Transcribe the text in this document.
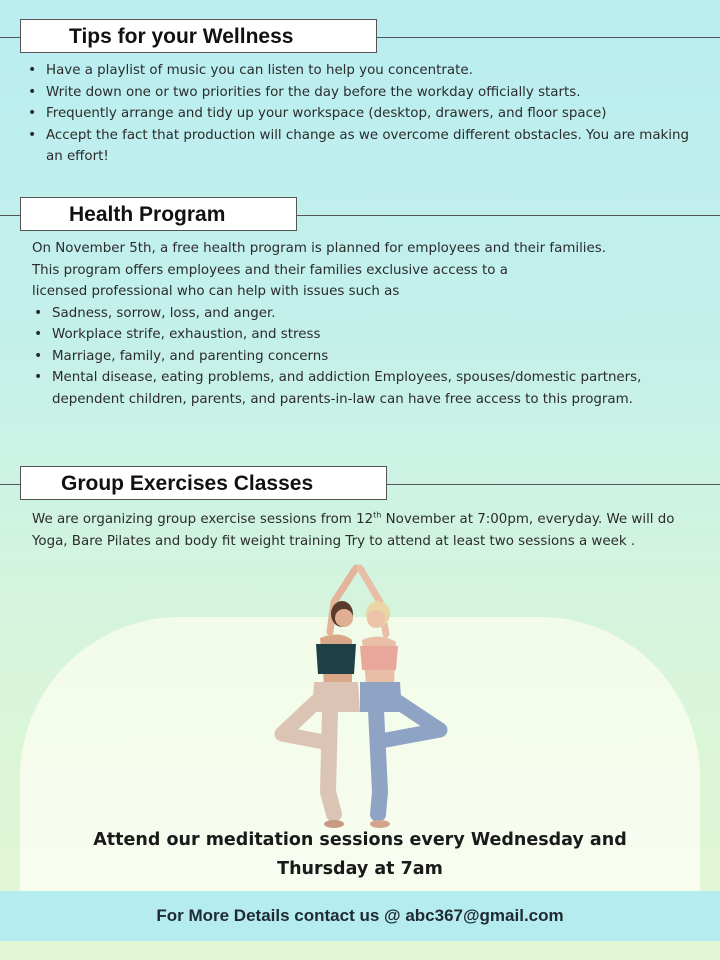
Tips for your Wellness
• Have a playlist of music you can listen to help you concentrate.
• Write down one or two priorities for the day before the workday officially starts.
• Frequently arrange and tidy up your workspace (desktop, drawers, and floor space)
• Accept the fact that production will change as we overcome different obstacles. You are making an effort!
Health Program
On November 5th, a free health program is planned for employees and their families.
This program offers employees and their families exclusive access to a
licensed professional who can help with issues such as
• Sadness, sorrow, loss, and anger.
• Workplace strife, exhaustion, and stress
• Marriage, family, and parenting concerns
• Mental disease, eating problems, and addiction Employees, spouses/domestic partners, dependent children, parents, and parents-in-law can have free access to this program.
Group Exercises Classes
We are organizing group exercise sessions from 12th November at 7:00pm, everyday. We will do Yoga, Bare Pilates and body fit weight training Try to attend at least two sessions a week .
Attend our meditation sessions every Wednesday and
Thursday at 7am
For More Details contact us @ abc367@gmail.com
